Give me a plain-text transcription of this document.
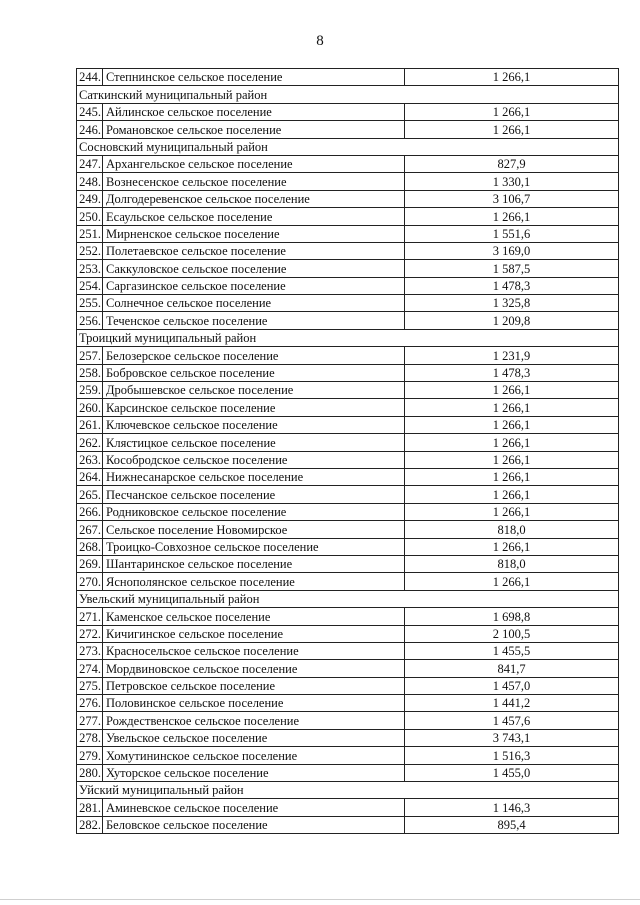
8
244.	Степнинское сельское поселение	1 266,1
Саткинский муниципальный район		
245.	Айлинское сельское поселение	1 266,1
246.	Романовское сельское поселение	1 266,1
Сосновский муниципальный район		
247.	Архангельское сельское поселение	827,9
248.	Вознесенское сельское поселение	1 330,1
249.	Долгодеревенское сельское поселение	3 106,7
250.	Есаульское сельское поселение	1 266,1
251.	Мирненское сельское поселение	1 551,6
252.	Полетаевское сельское поселение	3 169,0
253.	Саккуловское сельское поселение	1 587,5
254.	Саргазинское сельское поселение	1 478,3
255.	Солнечное сельское поселение	1 325,8
256.	Теченское сельское поселение	1 209,8
Троицкий муниципальный район		
257.	Белозерское сельское поселение	1 231,9
258.	Бобровское сельское поселение	1 478,3
259.	Дробышевское сельское поселение	1 266,1
260.	Карсинское сельское поселение	1 266,1
261.	Ключевское сельское поселение	1 266,1
262.	Клястицкое сельское поселение	1 266,1
263.	Кособродское сельское поселение	1 266,1
264.	Нижнесанарское сельское поселение	1 266,1
265.	Песчанское сельское поселение	1 266,1
266.	Родниковское сельское поселение	1 266,1
267.	Сельское поселение Новомирское	818,0
268.	Троицко-Совхозное сельское поселение	1 266,1
269.	Шантаринское сельское поселение	818,0
270.	Яснополянское сельское поселение	1 266,1
Увельский муниципальный район		
271.	Каменское сельское поселение	1 698,8
272.	Кичигинское сельское поселение	2 100,5
273.	Красносельское сельское поселение	1 455,5
274.	Мордвиновское сельское поселение	841,7
275.	Петровское сельское поселение	1 457,0
276.	Половинское сельское поселение	1 441,2
277.	Рождественское сельское поселение	1 457,6
278.	Увельское сельское поселение	3 743,1
279.	Хомутининское сельское поселение	1 516,3
280.	Хуторское сельское поселение	1 455,0
Уйский муниципальный район		
281.	Аминевское сельское поселение	1 146,3
282.	Беловское сельское поселение	895,4
